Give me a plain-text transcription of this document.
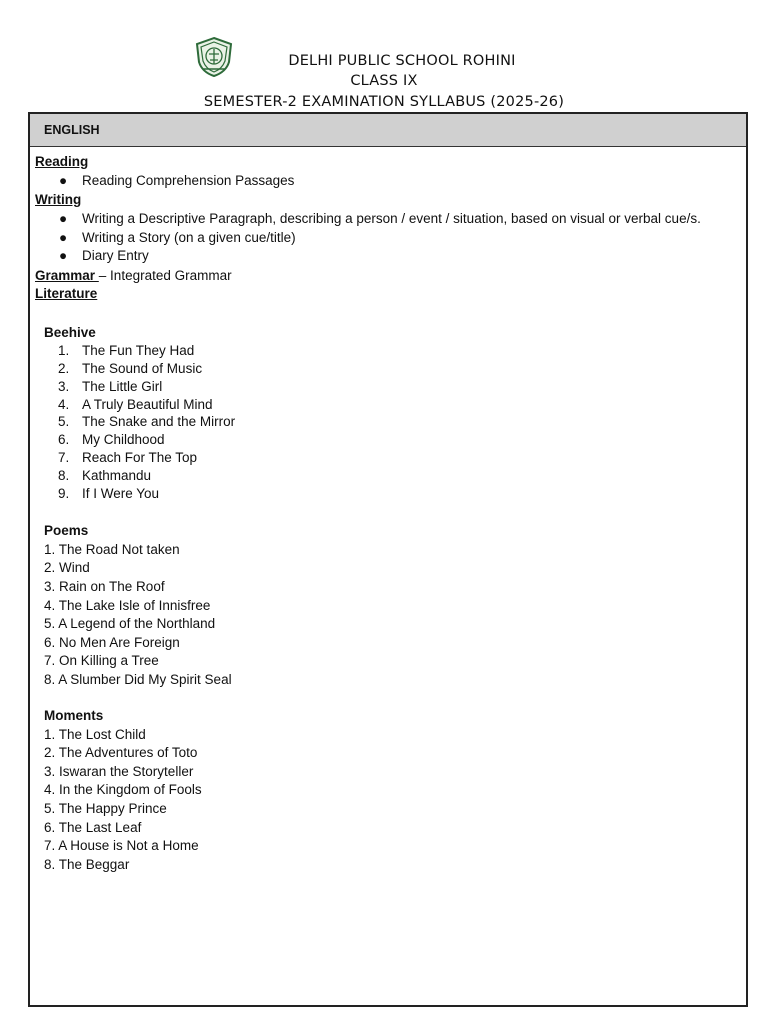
DELHI PUBLIC SCHOOL ROHINI
CLASS IX
SEMESTER-2 EXAMINATION SYLLABUS (2025-26)
ENGLISH
Reading
● Reading Comprehension Passages
Writing
● Writing a Descriptive Paragraph, describing a person / event / situation, based on visual or verbal cue/s.
● Writing a Story (on a given cue/title)
● Diary Entry
Grammar – Integrated Grammar
Literature
Beehive
1. The Fun They Had
2. The Sound of Music
3. The Little Girl
4. A Truly Beautiful Mind
5. The Snake and the Mirror
6. My Childhood
7. Reach For The Top
8. Kathmandu
9. If I Were You
Poems
1. The Road Not taken
2. Wind
3. Rain on The Roof
4. The Lake Isle of Innisfree
5. A Legend of the Northland
6. No Men Are Foreign
7. On Killing a Tree
8. A Slumber Did My Spirit Seal
Moments
1. The Lost Child
2. The Adventures of Toto
3. Iswaran the Storyteller
4. In the Kingdom of Fools
5. The Happy Prince
6. The Last Leaf
7. A House is Not a Home
8. The Beggar
